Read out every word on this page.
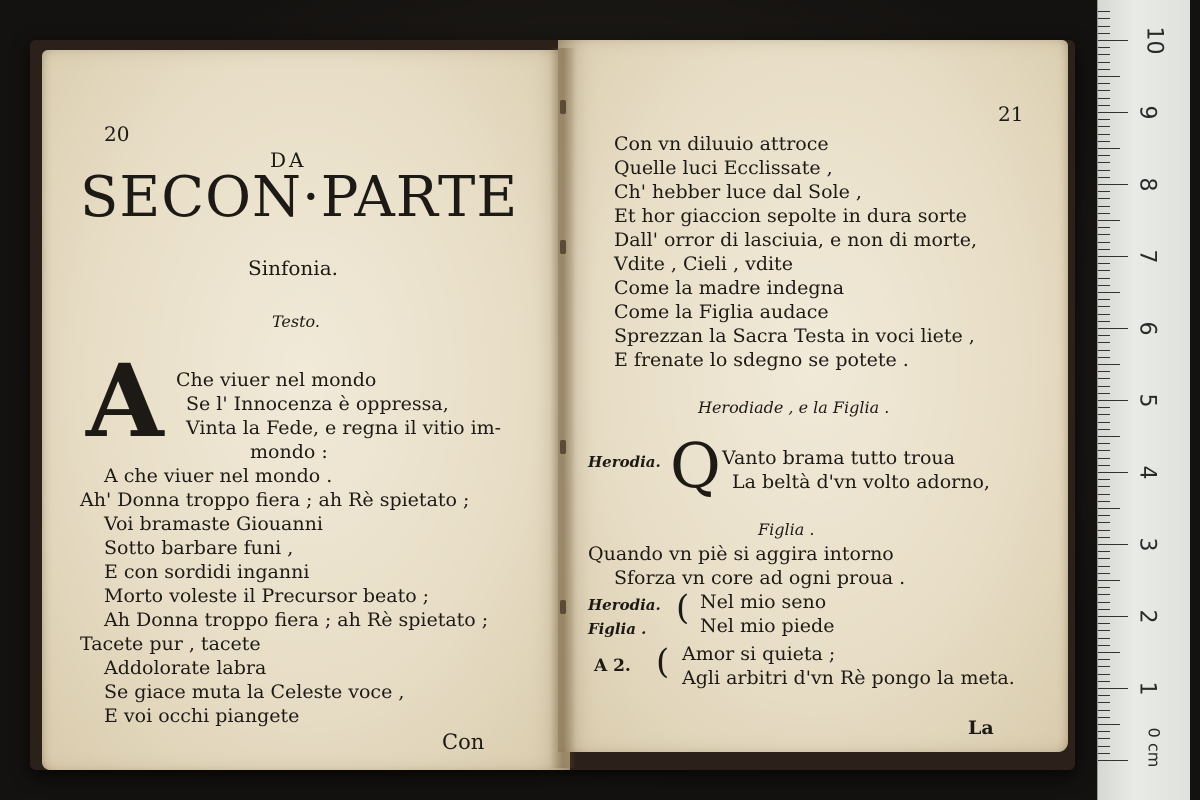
20
DA
SECON·PARTE
Sinfonia.
Testo.
A Che viuer nel mondo
Se l' Innocenza è oppressa,
Vinta la Fede, e regna il vitio im-
mondo :
A che viuer nel mondo .
Ah' Donna troppo fiera ; ah Rè spietato ;
Voi bramaste Giouanni
Sotto barbare funi ,
E con sordidi inganni
Morto voleste il Precursor beato ;
Ah Donna troppo fiera ; ah Rè spietato ;
Tacete pur , tacete
Addolorate labra
Se giace muta la Celeste voce ,
E voi occhi piangete
Con
21
Con vn diluuio attroce
Quelle luci Ecclissate ,
Ch' hebber luce dal Sole ,
Et hor giaccion sepolte in dura sorte
Dall' orror di lasciuia, e non di morte,
Vdite , Cieli , vdite
Come la madre indegna
Come la Figlia audace
Sprezzan la Sacra Testa in voci liete ,
E frenate lo sdegno se potete .
Herodiade , e la Figlia .
Herodia. Q Vanto brama tutto troua
La beltà d'vn volto adorno,
Figlia .
Quando vn piè si aggira intorno
Sforza vn core ad ogni proua .
Herodia.
Figlia .
( Nel mio seno
Nel mio piede
A 2. ( Amor si quieta ;
Agli arbitri d'vn Rè pongo la meta.
La	0 cm
1
2
3
4
5
6
7
8
9
10
